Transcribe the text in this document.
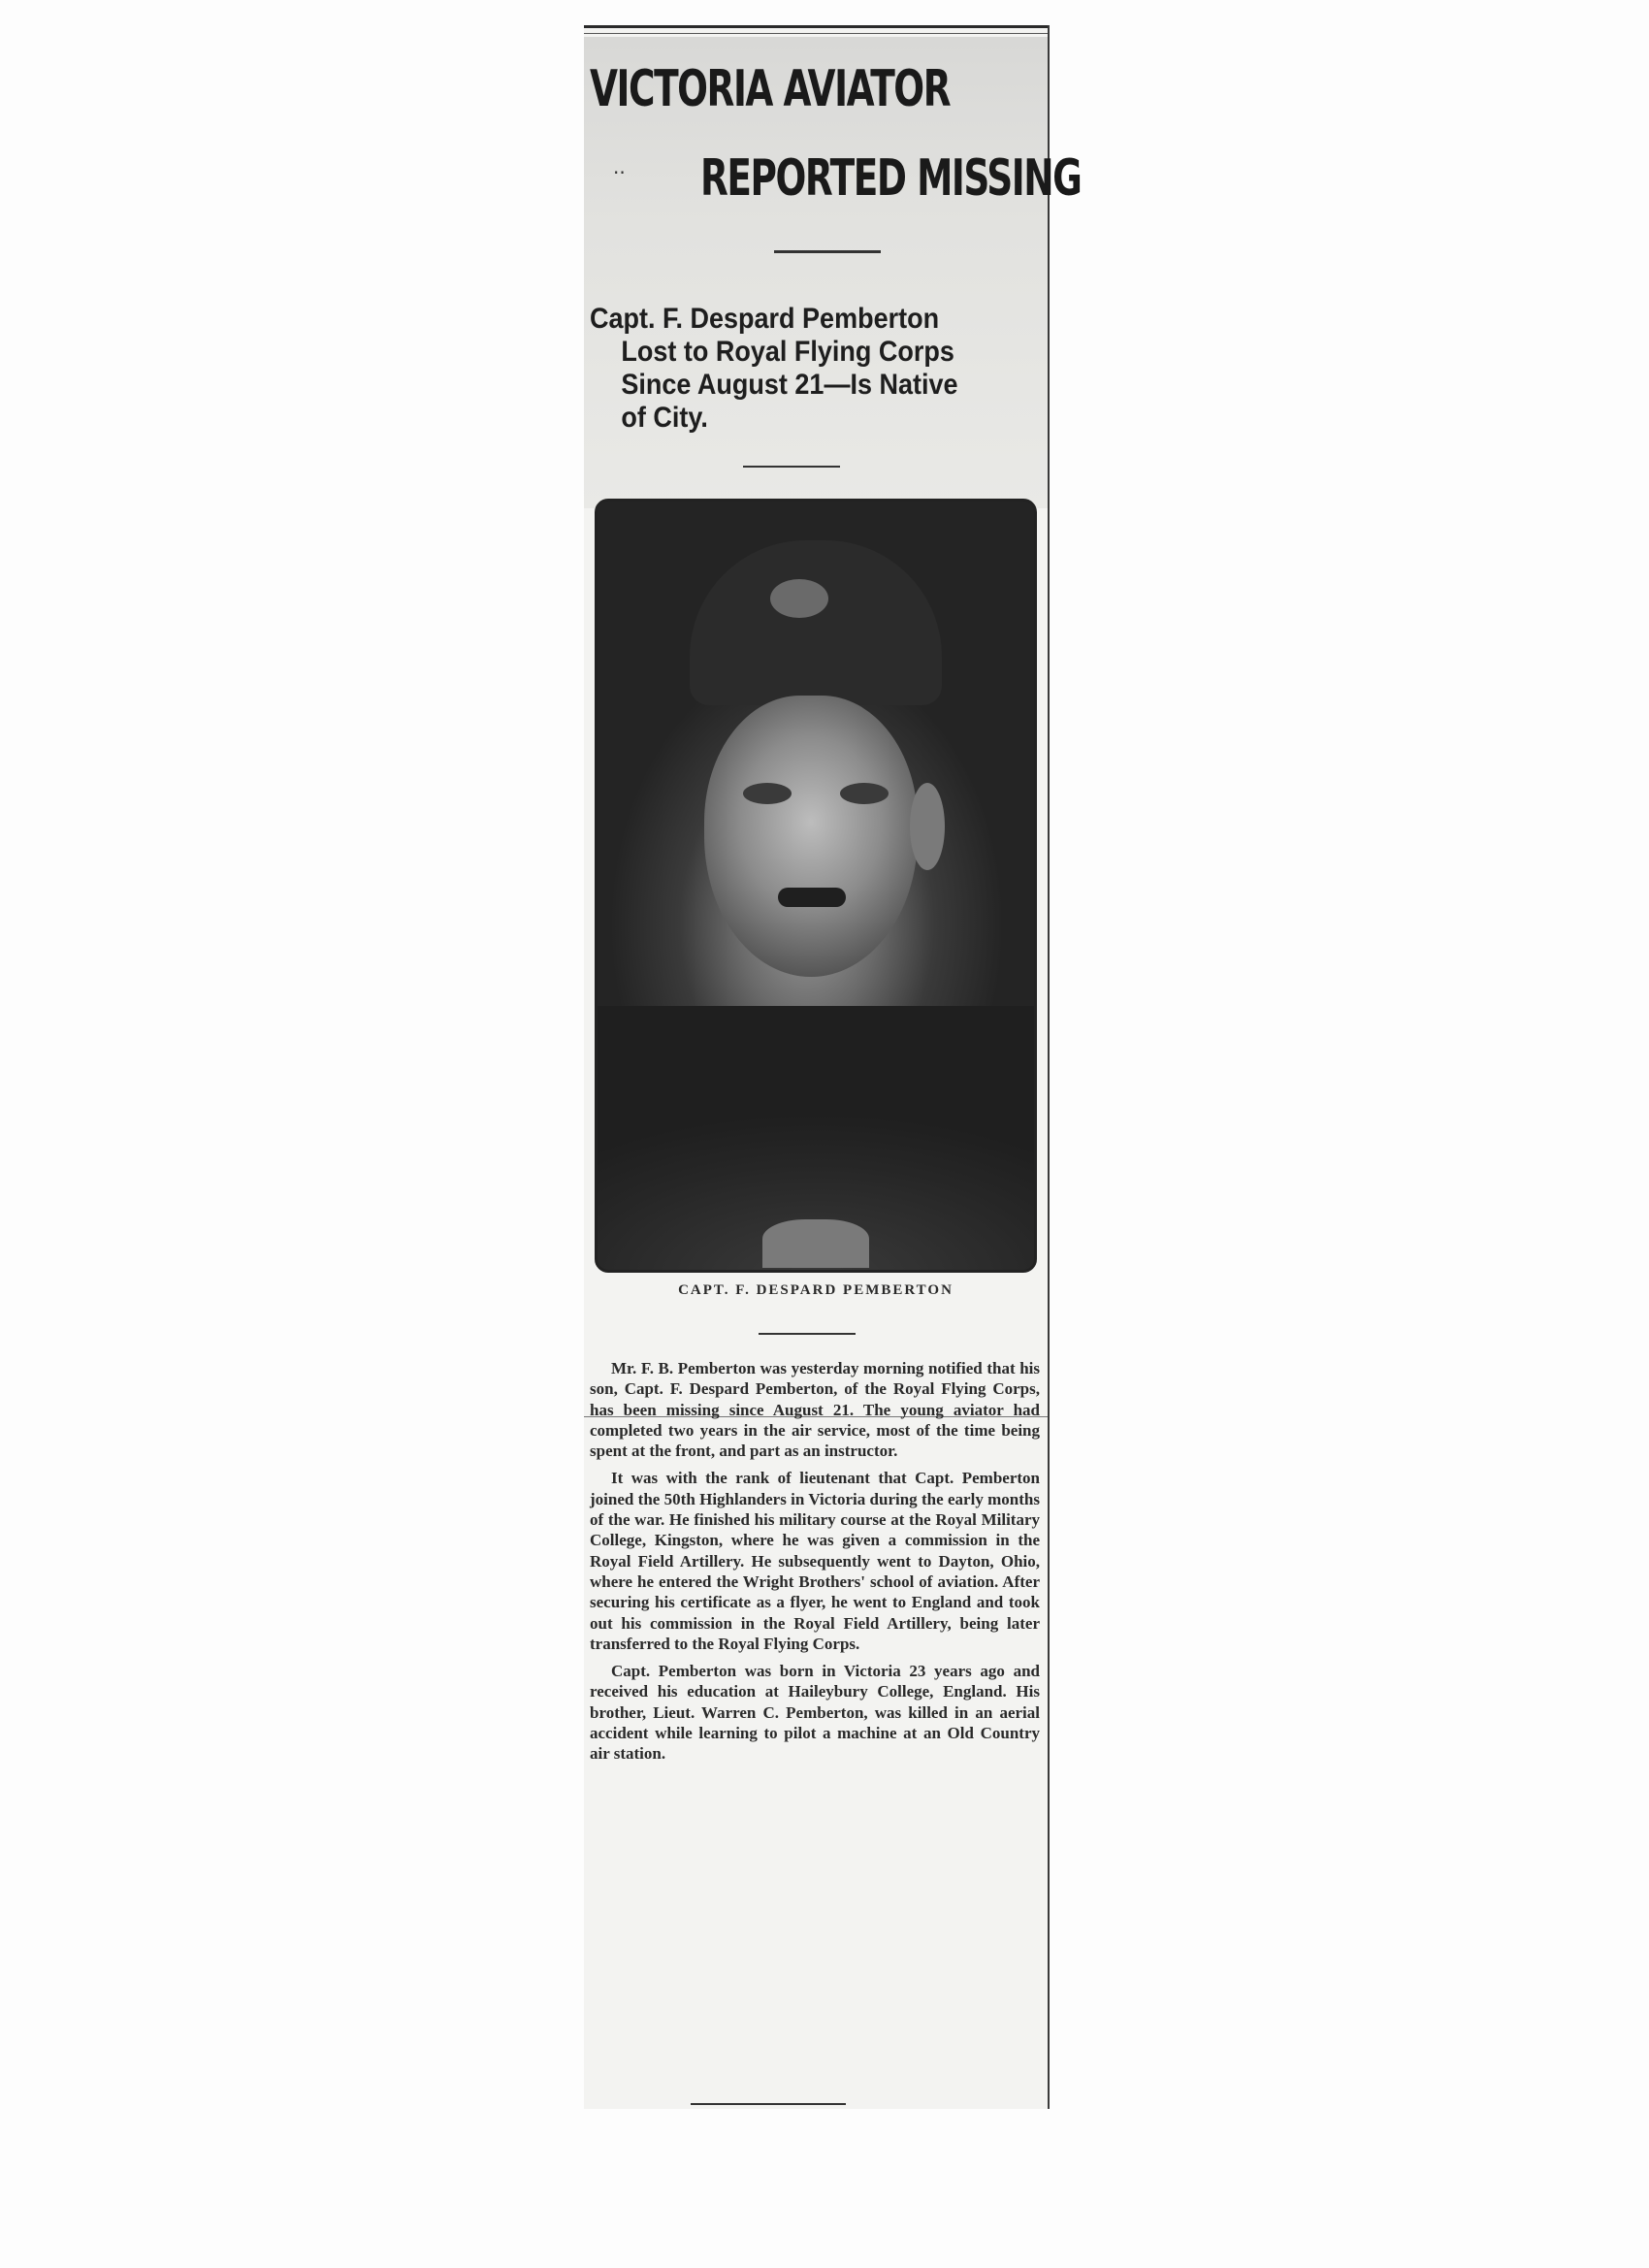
VICTORIA AVIATOR
·· REPORTED MISSING
Capt. F. Despard Pemberton
Lost to Royal Flying Corps
Since August 21—Is Native
of City.
CAPT. F. DESPARD PEMBERTON

Mr. F. B. Pemberton was yesterday morning notified that his son, Capt. F. Despard Pemberton, of the Royal Flying Corps, has been missing since August 21. The young aviator had completed two years in the air service, most of the time being spent at the front, and part as an instructor.

It was with the rank of lieutenant that Capt. Pemberton joined the 50th Highlanders in Victoria during the early months of the war. He finished his military course at the Royal Military College, Kingston, where he was given a commission in the Royal Field Artillery. He subsequently went to Dayton, Ohio, where he entered the Wright Brothers' school of aviation. After securing his certificate as a flyer, he went to England and took out his commission in the Royal Field Artillery, being later transferred to the Royal Flying Corps.

Capt. Pemberton was born in Victoria 23 years ago and received his education at Haileybury College, England. His brother, Lieut. Warren C. Pemberton, was killed in an aerial accident while learning to pilot a machine at an Old Country air station.
